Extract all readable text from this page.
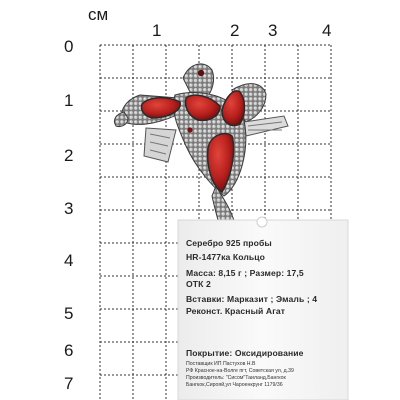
см
0
1	2 3	4
1
2
3
4
5
6
7
Серебро 925 пробы
HR-1477ка Кольцо
Масса: 8,15 г ; Размер: 17,5
ОТК 2
Вставки: Марказит ; Эмаль ; 4
Реконст. Красный Агат
Покрытие: Оксидирование
Поставщик ИП Пастухов Н.В
РФ Красное-на-Волге пгт, Советская ул, д.39
Производитель: "Сисом"Таиланд,Бангкок
Бангкок,Сирояй,ул Чароенкрунг 1179/36
